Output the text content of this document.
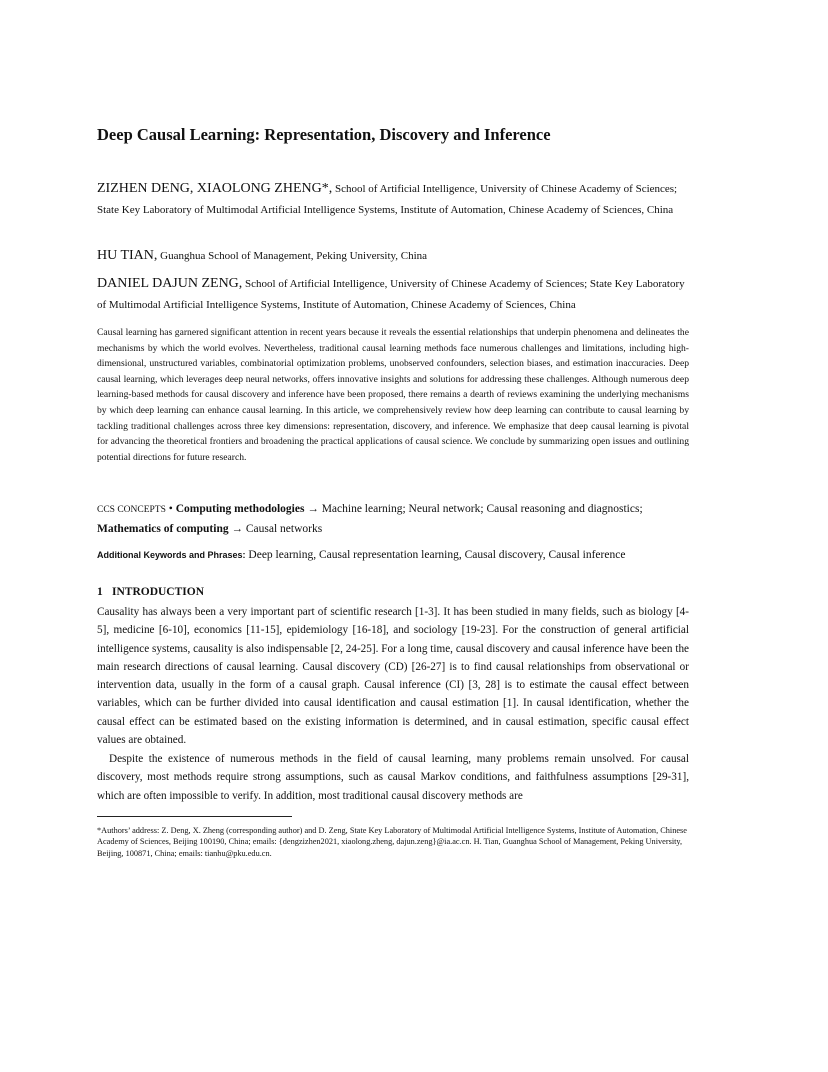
Deep Causal Learning: Representation, Discovery and Inference
ZIZHEN DENG, XIAOLONG ZHENG*, School of Artificial Intelligence, University of Chinese Academy of Sciences; State Key Laboratory of Multimodal Artificial Intelligence Systems, Institute of Automation, Chinese Academy of Sciences, China
HU TIAN, Guanghua School of Management, Peking University, China
DANIEL DAJUN ZENG, School of Artificial Intelligence, University of Chinese Academy of Sciences; State Key Laboratory of Multimodal Artificial Intelligence Systems, Institute of Automation, Chinese Academy of Sciences, China
Causal learning has garnered significant attention in recent years because it reveals the essential relationships that underpin phenomena and delineates the mechanisms by which the world evolves. Nevertheless, traditional causal learning methods face numerous challenges and limitations, including high-dimensional, unstructured variables, combinatorial optimization problems, unobserved confounders, selection biases, and estimation inaccuracies. Deep causal learning, which leverages deep neural networks, offers innovative insights and solutions for addressing these challenges. Although numerous deep learning-based methods for causal discovery and inference have been proposed, there remains a dearth of reviews examining the underlying mechanisms by which deep learning can enhance causal learning. In this article, we comprehensively review how deep learning can contribute to causal learning by tackling traditional challenges across three key dimensions: representation, discovery, and inference. We emphasize that deep causal learning is pivotal for advancing the theoretical frontiers and broadening the practical applications of causal science. We conclude by summarizing open issues and outlining potential directions for future research.
CCS CONCEPTS • Computing methodologies → Machine learning; Neural network; Causal reasoning and diagnostics;
Mathematics of computing → Causal networks
Additional Keywords and Phrases: Deep learning, Causal representation learning, Causal discovery, Causal inference
1 INTRODUCTION
Causality has always been a very important part of scientific research [1-3]. It has been studied in many fields, such as biology [4-5], medicine [6-10], economics [11-15], epidemiology [16-18], and sociology [19-23]. For the construction of general artificial intelligence systems, causality is also indispensable [2, 24-25]. For a long time, causal discovery and causal inference have been the main research directions of causal learning. Causal discovery (CD) [26-27] is to find causal relationships from observational or intervention data, usually in the form of a causal graph. Causal inference (CI) [3, 28] is to estimate the causal effect between variables, which can be further divided into causal identification and causal estimation [1]. In causal identification, whether the causal effect can be estimated based on the existing information is determined, and in causal estimation, specific causal effect values are obtained.
Despite the existence of numerous methods in the field of causal learning, many problems remain unsolved. For causal discovery, most methods require strong assumptions, such as causal Markov conditions, and faithfulness assumptions [29-31], which are often impossible to verify. In addition, most traditional causal discovery methods are
*Authors’ address: Z. Deng, X. Zheng (corresponding author) and D. Zeng, State Key Laboratory of Multimodal Artificial Intelligence Systems, Institute of Automation, Chinese Academy of Sciences, Beijing 100190, China; emails: {dengzizhen2021, xiaolong.zheng, dajun.zeng}@ia.ac.cn. H. Tian, Guanghua School of Management, Peking University, Beijing, 100871, China; emails: tianhu@pku.edu.cn.
